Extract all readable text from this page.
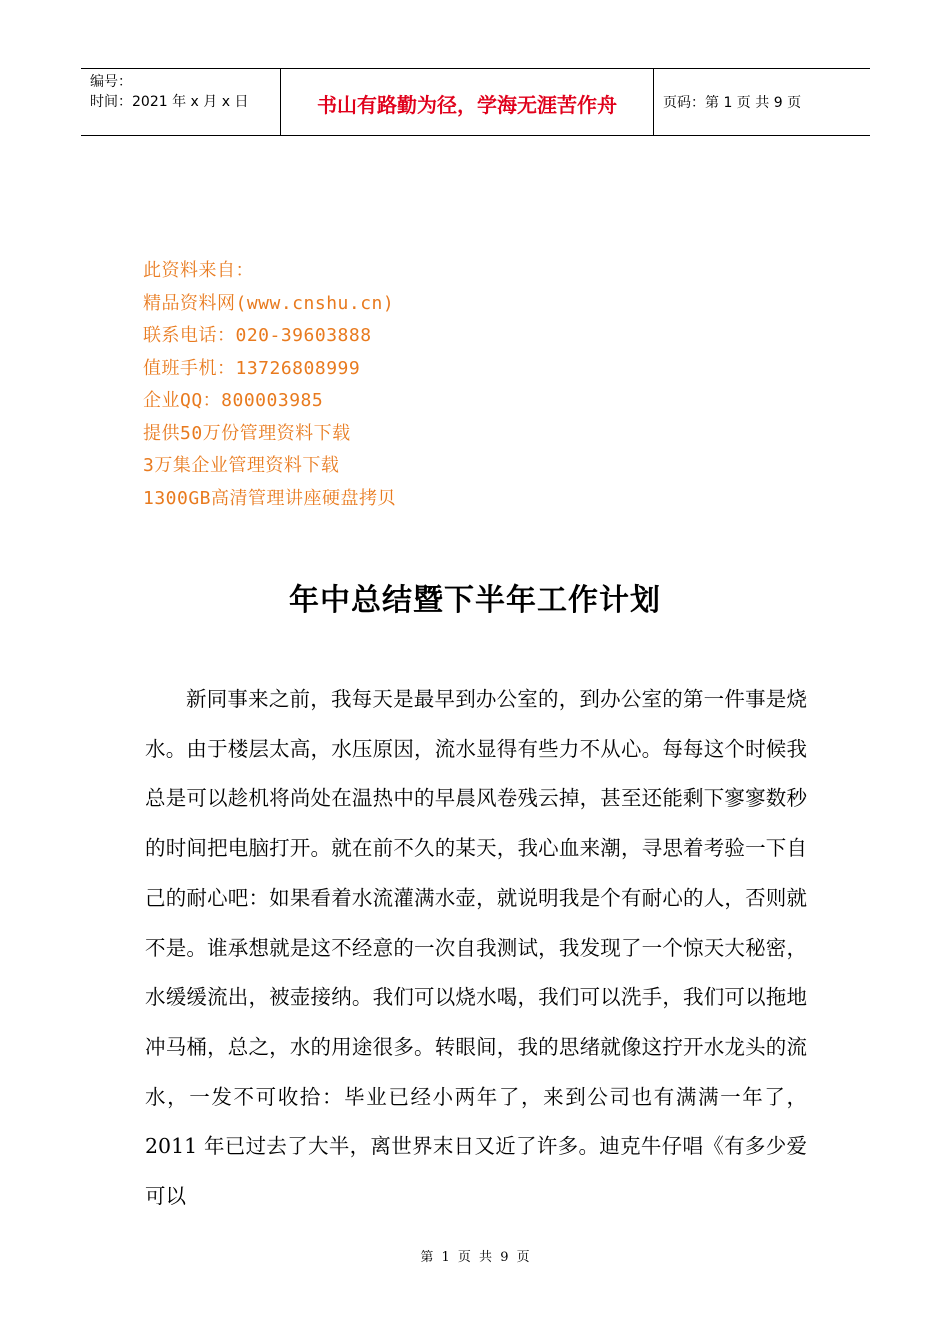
编号：
时间：2021 年 x 月 x 日	书山有路勤为径，学海无涯苦作舟	页码：第 1 页 共 9 页
此资料来自：
精品资料网(www.cnshu.cn)
联系电话：020-39603888
值班手机：13726808999
企业QQ：800003985
提供50万份管理资料下载
3万集企业管理资料下载
1300GB高清管理讲座硬盘拷贝
年中总结暨下半年工作计划

新同事来之前，我每天是最早到办公室的，到办公室的第一件事是烧水。由于楼层太高，水压原因，流水显得有些力不从心。每每这个时候我总是可以趁机将尚处在温热中的早晨风卷残云掉，甚至还能剩下寥寥数秒的时间把电脑打开。就在前不久的某天，我心血来潮，寻思着考验一下自己的耐心吧：如果看着水流灌满水壶，就说明我是个有耐心的人，否则就不是。谁承想就是这不经意的一次自我测试，我发现了一个惊天大秘密，水缓缓流出，被壶接纳。我们可以烧水喝，我们可以洗手，我们可以拖地冲马桶，总之，水的用途很多。转眼间，我的思绪就像这拧开水龙头的流水，一发不可收拾：毕业已经小两年了，来到公司也有满满一年了，2011 年已过去了大半，离世界末日又近了许多。迪克牛仔唱《有多少爱可以

第 1 页 共 9 页
